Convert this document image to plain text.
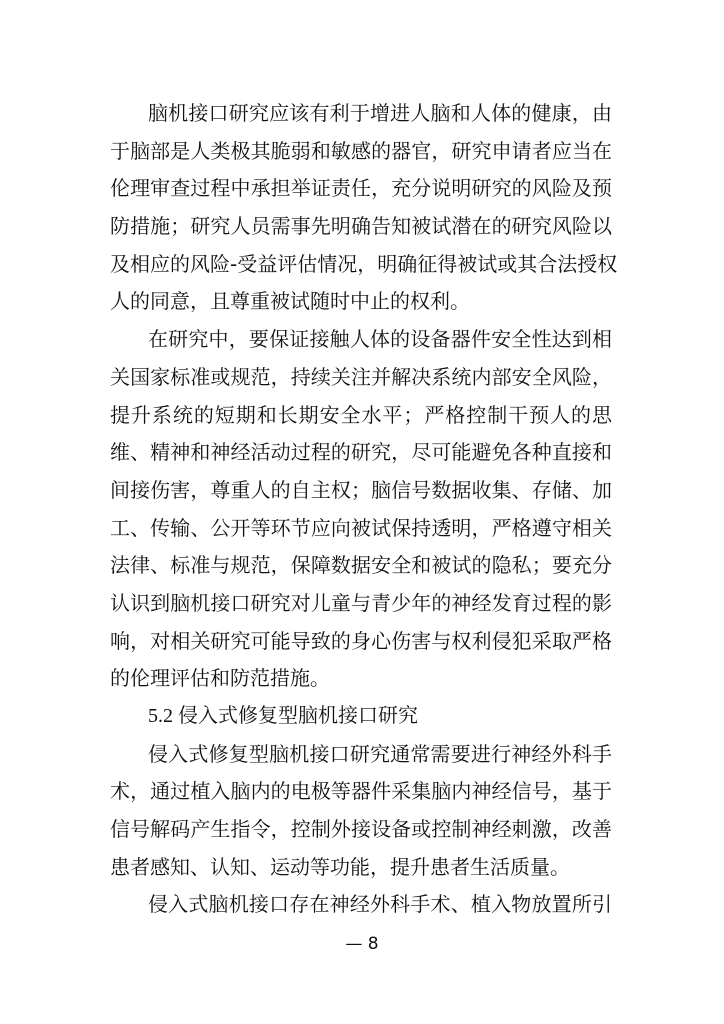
脑机接口研究应该有利于增进人脑和人体的健康，由
于脑部是人类极其脆弱和敏感的器官，研究申请者应当在
伦理审查过程中承担举证责任，充分说明研究的风险及预
防措施；研究人员需事先明确告知被试潜在的研究风险以
及相应的风险-受益评估情况，明确征得被试或其合法授权
人的同意，且尊重被试随时中止的权利。
在研究中，要保证接触人体的设备器件安全性达到相
关国家标准或规范，持续关注并解决系统内部安全风险，
提升系统的短期和长期安全水平；严格控制干预人的思
维、精神和神经活动过程的研究，尽可能避免各种直接和
间接伤害，尊重人的自主权；脑信号数据收集、存储、加
工、传输、公开等环节应向被试保持透明，严格遵守相关
法律、标准与规范，保障数据安全和被试的隐私；要充分
认识到脑机接口研究对儿童与青少年的神经发育过程的影
响，对相关研究可能导致的身心伤害与权利侵犯采取严格
的伦理评估和防范措施。
5.2 侵入式修复型脑机接口研究
侵入式修复型脑机接口研究通常需要进行神经外科手
术，通过植入脑内的电极等器件采集脑内神经信号，基于
信号解码产生指令，控制外接设备或控制神经刺激，改善
患者感知、认知、运动等功能，提升患者生活质量。
侵入式脑机接口存在神经外科手术、植入物放置所引
— 8
